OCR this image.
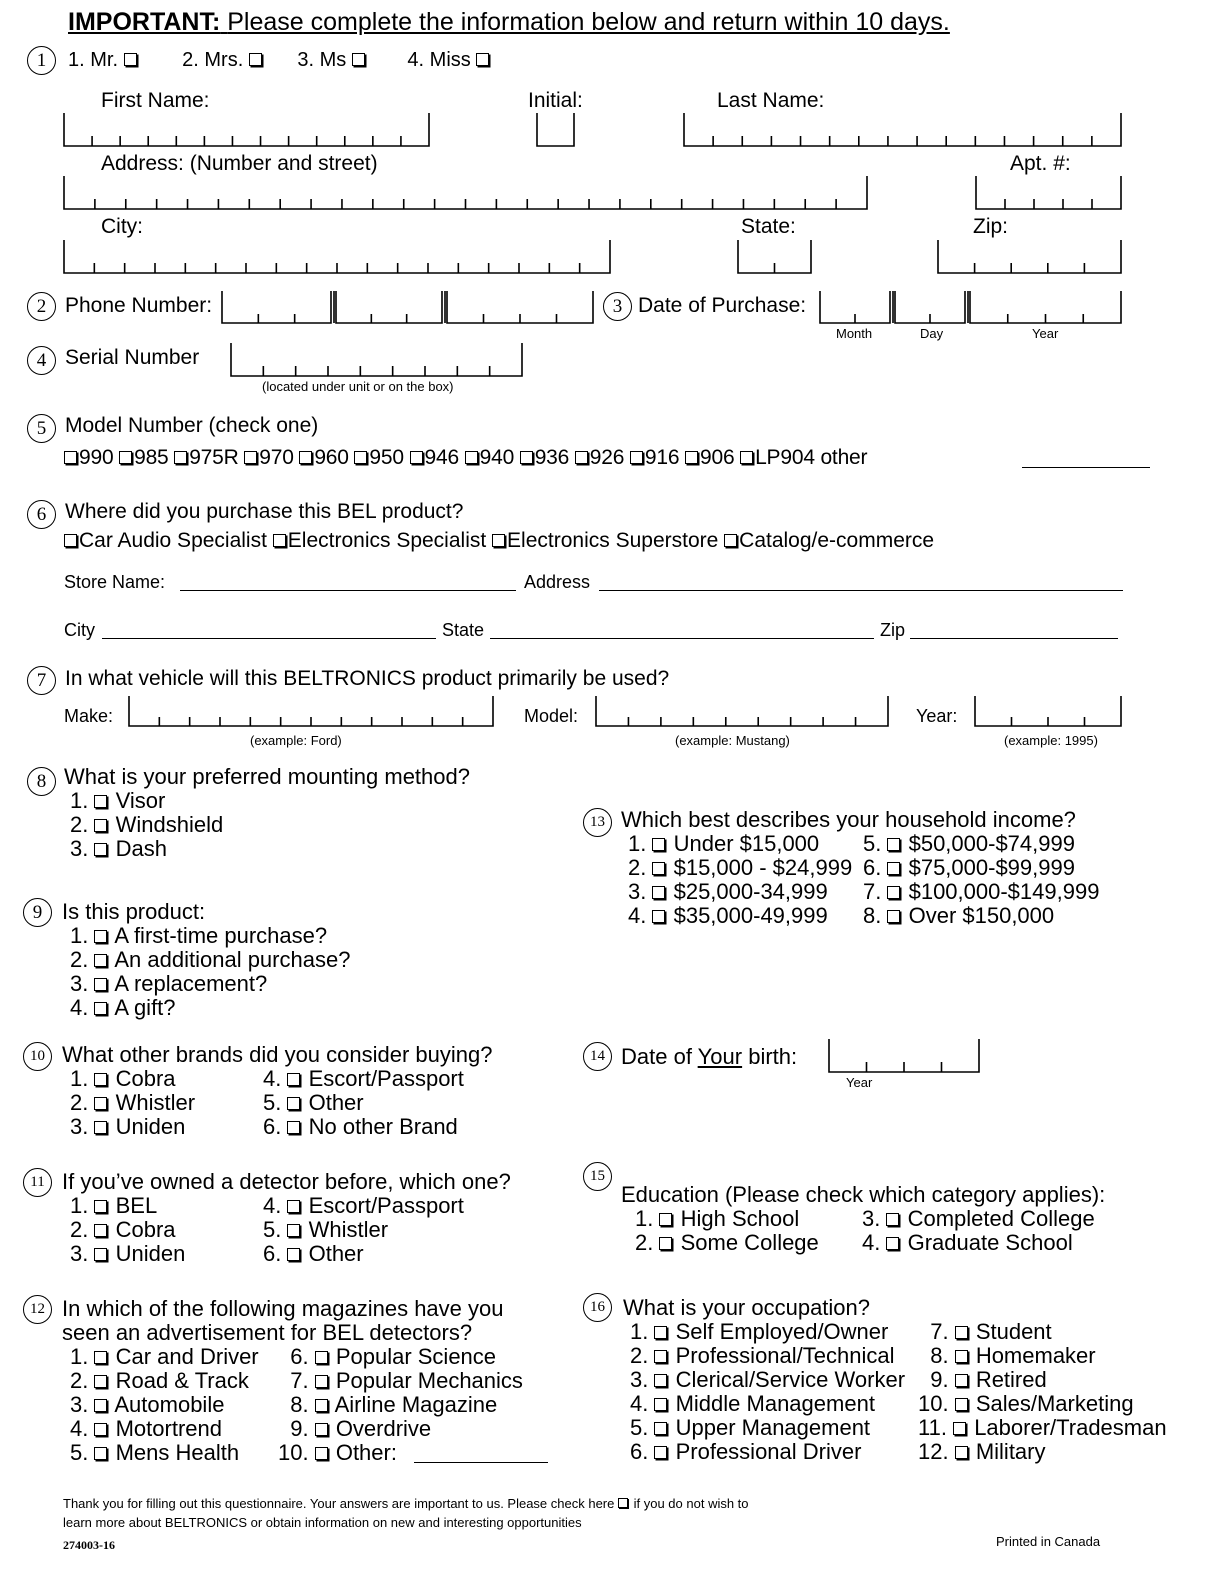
IMPORTANT: Please complete the information below and return within 10 days.
1	1. Mr.	2. Mrs.	3. Ms	4. Miss
First Name:	Initial:	Last Name:
Address: (Number and street)	Apt. #:
City:	State:	Zip:
2 Phone Number:	3 Date of Purchase:
Month	Day	Year
4 Serial Number
(located under unit or on the box)
5 Model Number (check one)
990 985 975R 970 960 950 946 940 936 926 916 906 LP904 other
6 Where did you purchase this BEL product?
Car Audio Specialist Electronics Specialist Electronics Superstore Catalog/e-commerce
Store Name:	Address
City	State	Zip
7 In what vehicle will this BELTRONICS product primarily be used?
Make:
(example: Ford)
Model:
(example: Mustang)
Year:
(example: 1995)
8 What is your preferred mounting method?
1. Visor
2. Windshield
3. Dash
9 Is this product:
1.  A first-time purchase?
2.  An additional purchase?
3.  A replacement?
4.  A gift?
10 What other brands did you consider buying?
1.  Cobra
2.  Whistler
3.  Uniden
4.  Escort/Passport
5.  Other
6.  No other Brand
11 If you’ve owned a detector before, which one?
1.  BEL
2.  Cobra
3.  Uniden
4.  Escort/Passport
5.  Whistler
6.  Other
12 In which of the following magazines have you
seen an advertisement for BEL detectors?
1.  Car and Driver
2.  Road & Track
3.  Automobile
4.  Motortrend
5.  Mens Health
6.  Popular Science
7.  Popular Mechanics
8.  Airline Magazine
9.  Overdrive
10.  Other:
13 Which best describes your household income?
1.  Under $15,000
2.  $15,000 - $24,999
3.  $25,000-34,999
4.  $35,000-49,999
5.  $50,000-$74,999
6.  $75,000-$99,999
7.  $100,000-$149,999
8.  Over $150,000
14 Date of Your birth:
Year
15
Education (Please check which category applies):
1.  High School
2.  Some College
3.  Completed College
4.  Graduate School
16 What is your occupation?
1.  Self Employed/Owner
2.  Professional/Technical
3.  Clerical/Service Worker
4.  Middle Management
5.  Upper Management
6.  Professional Driver
7.  Student
8.  Homemaker
9.  Retired
10.  Sales/Marketing
11.  Laborer/Tradesman
12.  Military
Thank you for filling out this questionnaire. Your answers are important to us. Please check here if you do not wish to
learn more about BELTRONICS or obtain information on new and interesting opportunities
274003-16	Printed in Canada
